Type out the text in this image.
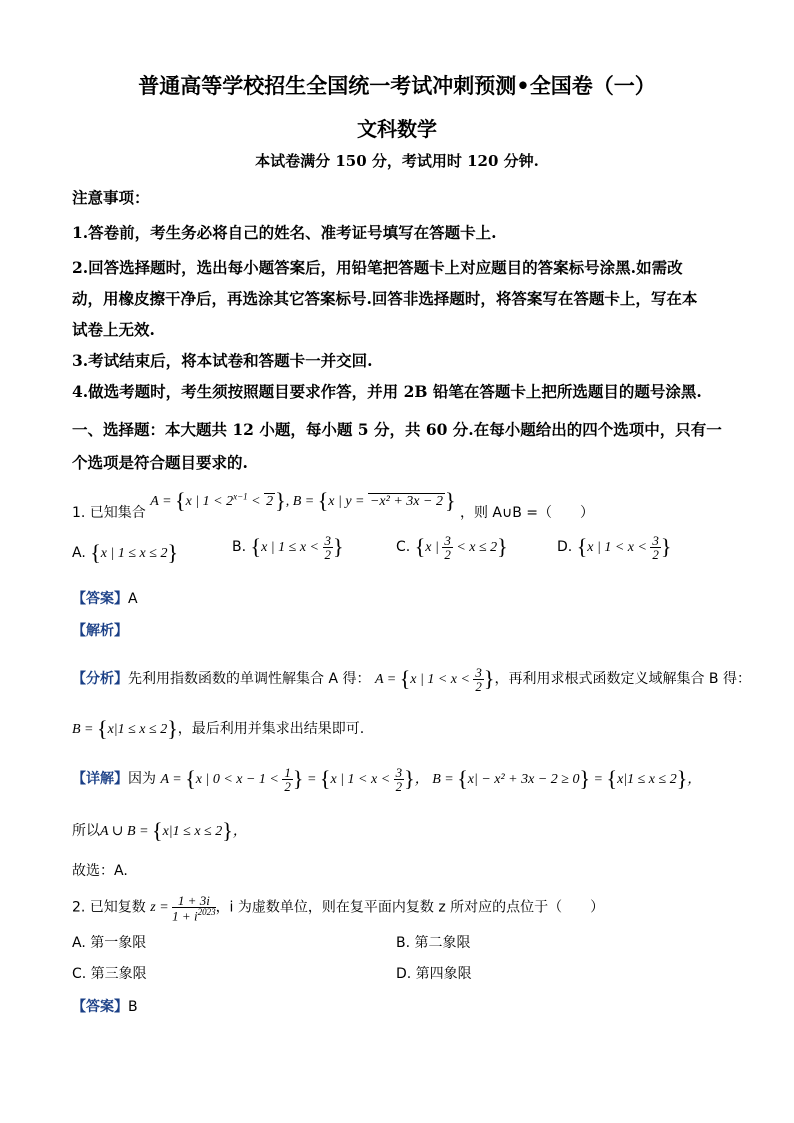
普通高等学校招生全国统一考试冲刺预测•全国卷（一）
文科数学
本试卷满分 150 分，考试用时 120 分钟.
注意事项：
1.答卷前，考生务必将自己的姓名、准考证号填写在答题卡上.
2.回答选择题时，选出每小题答案后，用铅笔把答题卡上对应题目的答案标号涂黑.如需改
动，用橡皮擦干净后，再选涂其它答案标号.回答非选择题时，将答案写在答题卡上，写在本
试卷上无效.
3.考试结束后，将本试卷和答题卡一并交回.
4.做选考题时，考生须按照题目要求作答，并用 2B 铅笔在答题卡上把所选题目的题号涂黑.
一、选择题：本大题共 12 小题，每小题 5 分，共 60 分.在每小题给出的四个选项中，只有一
个选项是符合题目要求的.
1. 已知集合 A = {x | $1 < 2^{x-1} < 2$}, B = {x | y = −x² + 3x − 2} ，则 A∪B =（　　）
A. {x | 1 ≤ x ≤ 2}	B. {x | $1 \le x < \frac{3}{2}$ }	C. {x | $\frac{3}{2} < x \le 2$}	D. {x | $1 < x < \frac{3}{2}$ }
【答案】A
【解析】
【分析】先利用指数函数的单调性解集合 A 得： A = {x | $1 < x < \frac{3}{2}$ }，再利用求根式函数定义域解集合 B 得：
B = {x|1 ≤ x ≤ 2}，最后利用并集求出结果即可.
【详解】因为 A = {x | $0 < x - 1 < \frac{1}{2}$ } = {x | $1 < x < \frac{3}{2}$ }， B = {x| − x² + 3x − 2 ≥ 0} = {x|1 ≤ x ≤ 2}，
所以A ∪ B = {x|1 ≤ x ≤ 2}，
故选：A.
2. 已知复数 $z = \frac{1 + 3i}{1 + i^{2023}}$ ，i 为虚数单位，则在复平面内复数 z 所对应的点位于（　　）
A. 第一象限	B. 第二象限
C. 第三象限	D. 第四象限
【答案】B
